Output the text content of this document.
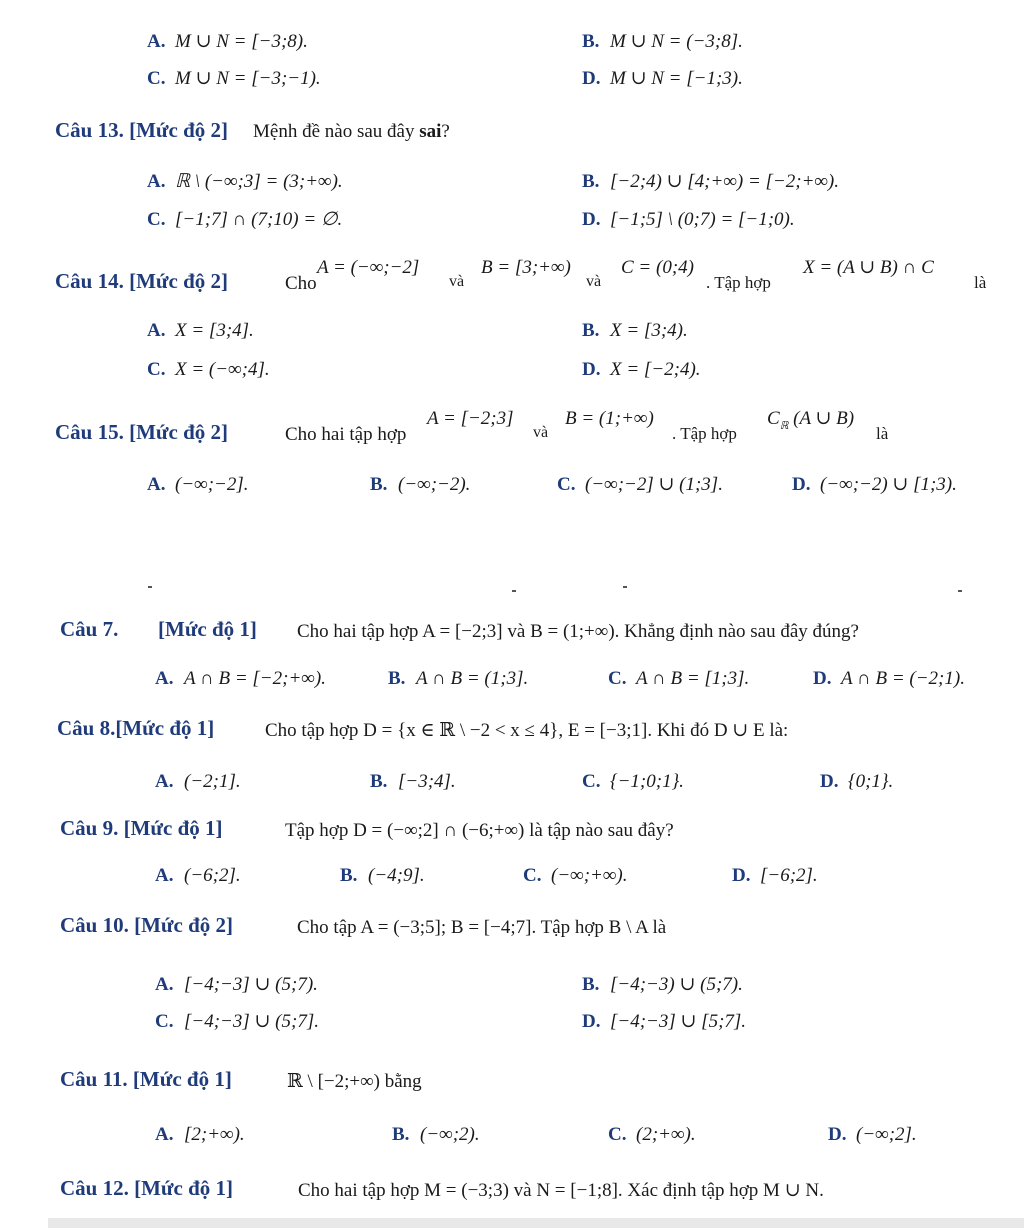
A. M ∪ N = [−3;8).	B. M ∪ N = (−3;8].
C. M ∪ N = [−3;−1).	D. M ∪ N = [−1;3).
Câu 13. [Mức độ 2] Mệnh đề nào sau đây sai?
A. ℝ \ (−∞;3] = (3;+∞).	B. [−2;4) ∪ [4;+∞) = [−2;+∞).
C. [−1;7] ∩ (7;10) = ∅.	D. [−1;5] \ (0;7) = [−1;0).
Câu 14. [Mức độ 2]	Cho
A = (−∞;−2]
và
B = [3;+∞)
và
C = (0;4)
. Tập hợp
X = (A ∪ B) ∩ C
là
A. X = [3;4].	B. X = [3;4).
C. X = (−∞;4].	D. X = [−2;4).
Câu 15. [Mức độ 2]	Cho hai tập hợp
A = [−2;3]
và
B = (1;+∞)
. Tập hợp
$C_ℝ$ (A ∪ B)
là
A. (−∞;−2].	B. (−∞;−2).	C. (−∞;−2] ∪ (1;3].	D. (−∞;−2) ∪ [1;3).
Câu 7. [Mức độ 1] Cho hai tập hợp A = [−2;3] và B = (1;+∞). Khẳng định nào sau đây đúng?
A. A ∩ B = [−2;+∞).	B. A ∩ B = (1;3].	C. A ∩ B = [1;3].	D. A ∩ B = (−2;1).
Câu 8.[Mức độ 1]	Cho tập hợp D = {x ∈ ℝ \ −2 < x ≤ 4}, E = [−3;1]. Khi đó D ∪ E là:
A. (−2;1].	B. [−3;4].	C. {−1;0;1}.	D. {0;1}.
Câu 9. [Mức độ 1]	Tập hợp D = (−∞;2] ∩ (−6;+∞) là tập nào sau đây?
A. (−6;2].	B. (−4;9].	C. (−∞;+∞).	D. [−6;2].
Câu 10. [Mức độ 2]	Cho tập A = (−3;5]; B = [−4;7]. Tập hợp B \ A là
A. [−4;−3] ∪ (5;7).	B. [−4;−3) ∪ (5;7).
C. [−4;−3] ∪ (5;7].	D. [−4;−3] ∪ [5;7].
Câu 11. [Mức độ 1]	ℝ \ [−2;+∞) bằng
A. [2;+∞).	B. (−∞;2).	C. (2;+∞).	D. (−∞;2].
Câu 12. [Mức độ 1]	Cho hai tập hợp M = (−3;3) và N = [−1;8]. Xác định tập hợp M ∪ N.
